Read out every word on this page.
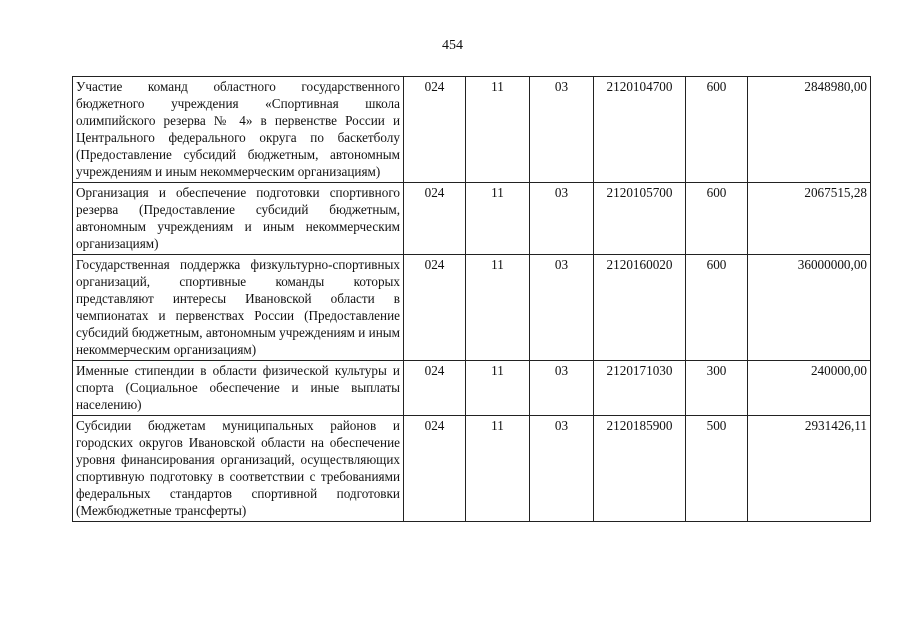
454
Участие команд областного государственного бюджетного учреждения «Спортивная школа олимпийского резерва № 4» в первенстве России и Центрального федерального округа по баскетболу (Предоставление субсидий бюджетным, автономным учреждениям и иным некоммерческим организациям)	024	11	03	2120104700	600	2848980,00
Организация и обеспечение подготовки спортивного резерва (Предоставление субсидий бюджетным, автономным учреждениям и иным некоммерческим организациям)	024	11	03	2120105700	600	2067515,28
Государственная поддержка физкультурно-спортивных организаций, спортивные команды которых представляют интересы Ивановской области в чемпионатах и первенствах России (Предоставление субсидий бюджетным, автономным учреждениям и иным некоммерческим организациям)	024	11	03	2120160020	600	36000000,00
Именные стипендии в области физической культуры и спорта (Социальное обеспечение и иные выплаты населению)	024	11	03	2120171030	300	240000,00
Субсидии бюджетам муниципальных районов и городских округов Ивановской области на обеспечение уровня финансирования организаций, осуществляющих спортивную подготовку в соответствии с требованиями федеральных стандартов спортивной подготовки (Межбюджетные трансферты)	024	11	03	2120185900	500	2931426,11
